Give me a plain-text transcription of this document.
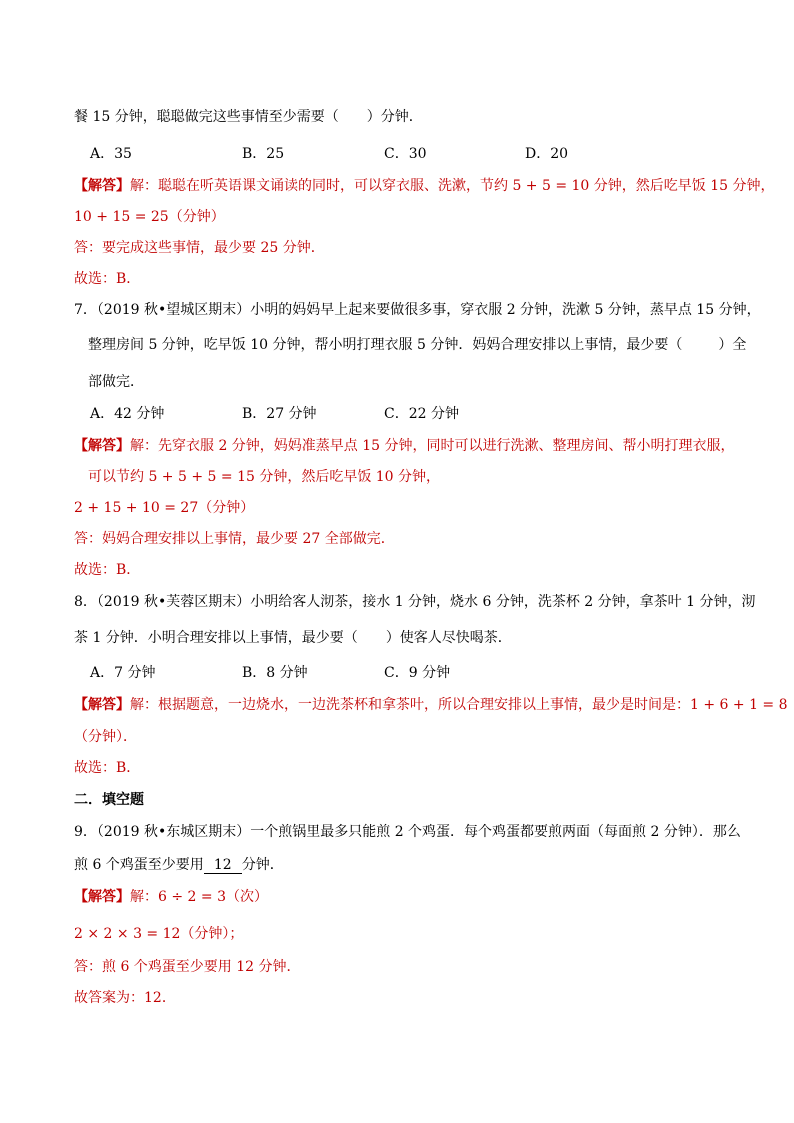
餐 15 分钟，聪聪做完这些事情至少需要（ ）分钟．
A．35	B．25	C．30	D．20
【解答】解：聪聪在听英语课文诵读的同时，可以穿衣服、洗漱，节约 5 + 5 = 10 分钟，然后吃早饭 15 分钟，
10 + 15 = 25（分钟）
答：要完成这些事情，最少要 25 分钟．
故选：B．
7．（2019 秋•望城区期末）小明的妈妈早上起来要做很多事，穿衣服 2 分钟，洗漱 5 分钟，蒸早点 15 分钟，
整理房间 5 分钟，吃早饭 10 分钟，帮小明打理衣服 5 分钟．妈妈合理安排以上事情，最少要（	）全
部做完．
A．42 分钟	B．27 分钟	C．22 分钟
【解答】解：先穿衣服 2 分钟，妈妈准蒸早点 15 分钟，同时可以进行洗漱、整理房间、帮小明打理衣服，
可以节约 5 + 5 + 5 = 15 分钟，然后吃早饭 10 分钟，
2 + 15 + 10 = 27（分钟）
答：妈妈合理安排以上事情，最少要 27 全部做完．
故选：B．
8．（2019 秋•芙蓉区期末）小明给客人沏茶，接水 1 分钟，烧水 6 分钟，洗茶杯 2 分钟，拿茶叶 1 分钟，沏
茶 1 分钟．小明合理安排以上事情，最少要（ ）使客人尽快喝茶．
A．7 分钟	B．8 分钟	C．9 分钟
【解答】解：根据题意，一边烧水，一边洗茶杯和拿茶叶，所以合理安排以上事情，最少是时间是：1 + 6 + 1 = 8
（分钟）．
故选：B．
二．填空题
9．（2019 秋•东城区期末）一个煎锅里最多只能煎 2 个鸡蛋．每个鸡蛋都要煎两面（每面煎 2 分钟）．那么
煎 6 个鸡蛋至少要用 12 分钟．
【解答】解：6 ÷ 2 = 3（次）
2 × 2 × 3 = 12（分钟）；
答：煎 6 个鸡蛋至少要用 12 分钟．
故答案为：12．
